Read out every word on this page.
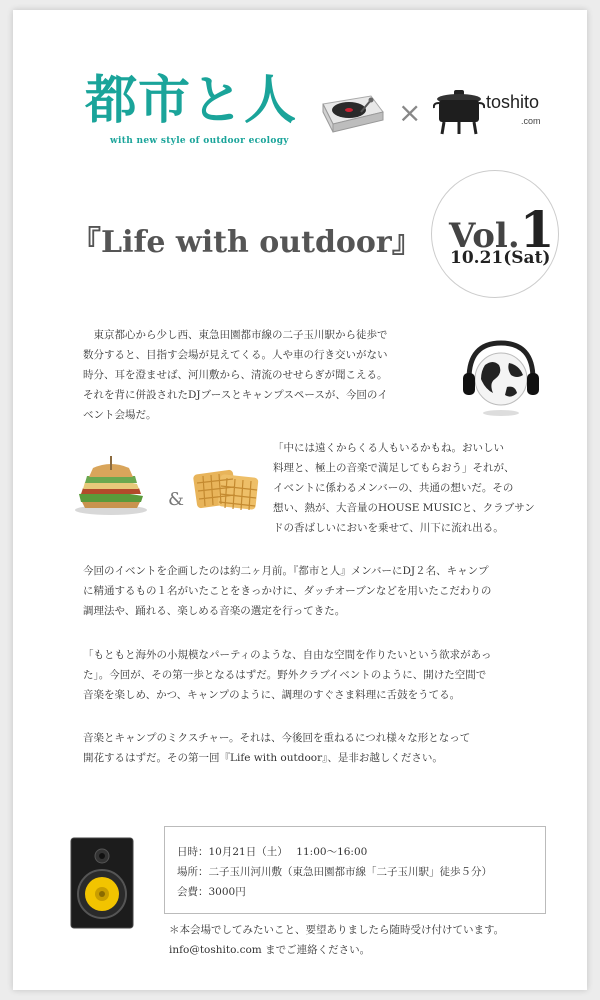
都市と人
with new style of outdoor ecology
×	toshito
.com
『Life with outdoor』 Vol.1
10.21(Sat)
　東京都心から少し西、東急田園都市線の二子玉川駅から徒歩で
数分すると、目指す会場が見えてくる。人や車の行き交いがない
時分、耳を澄ませば、河川敷から、清流のせせらぎが聞こえる。
それを背に併設されたDJブースとキャンプスペースが、今回のイ
ベント会場だ。
&
「中には遠くからくる人もいるかもね。おいしい
料理と、極上の音楽で満足してもらおう」それが、
イベントに係わるメンバーの、共通の想いだ。その
想い、熱が、大音量のHOUSE MUSICと、クラブサン
ドの香ばしいにおいを乗せて、川下に流れ出る。
今回のイベントを企画したのは約二ヶ月前。『都市と人』メンバーにDJ２名、キャンプ
に精通するもの１名がいたことをきっかけに、ダッチオーブンなどを用いたこだわりの
調理法や、踊れる、楽しめる音楽の選定を行ってきた。
「もともと海外の小規模なパーティのような、自由な空間を作りたいという欲求があっ
た」。今回が、その第一歩となるはずだ。野外クラブイベントのように、開けた空間で
音楽を楽しめ、かつ、キャンプのように、調理のすぐさま料理に舌鼓をうてる。
音楽とキャンプのミクスチャー。それは、今後回を重ねるにつれ様々な形となって
開花するはずだ。その第一回『Life with outdoor』、是非お越しください。
日時：10月21日（土）　 11:00〜16:00
場所：二子玉川河川敷（東急田園都市線「二子玉川駅」徒歩５分）
会費：3000円
＊本会場でしてみたいこと、要望ありましたら随時受け付けています。
info@toshito.com までご連絡ください。
